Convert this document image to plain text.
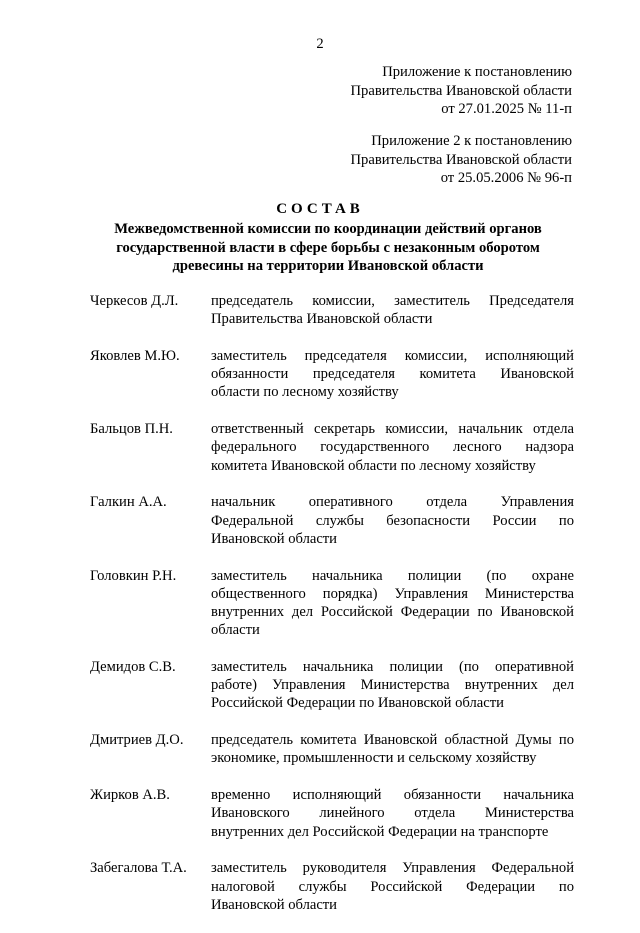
2
Приложение к постановлению
Правительства Ивановской области
от 27.01.2025 № 11-п
Приложение 2 к постановлению
Правительства Ивановской области
от 25.05.2006 № 96-п
СОСТАВ
Межведомственной комиссии по координации действий органов
государственной власти в сфере борьбы с незаконным оборотом
древесины на территории Ивановской области
Черкесов Д.Л.	председатель комиссии, заместитель Председателя
Правительства Ивановской области
Яковлев М.Ю.	заместитель председателя комиссии, исполняющий
обязанности председателя комитета Ивановской
области по лесному хозяйству
Бальцов П.Н.	ответственный секретарь комиссии, начальник отдела
федерального государственного лесного надзора
комитета Ивановской области по лесному хозяйству
Галкин А.А.	начальник оперативного отдела Управления
Федеральной службы безопасности России по
Ивановской области
Головкин Р.Н.	заместитель начальника полиции (по охране
общественного порядка) Управления Министерства
внутренних дел Российской Федерации по Ивановской
области
Демидов С.В.	заместитель начальника полиции (по оперативной
работе) Управления Министерства внутренних дел
Российской Федерации по Ивановской области
Дмитриев Д.О.	председатель комитета Ивановской областной Думы по
экономике, промышленности и сельскому хозяйству
Жирков А.В.	временно исполняющий обязанности начальника
Ивановского линейного отдела Министерства
внутренних дел Российской Федерации на транспорте
Забегалова Т.А.	заместитель руководителя Управления Федеральной
налоговой службы Российской Федерации по
Ивановской области
